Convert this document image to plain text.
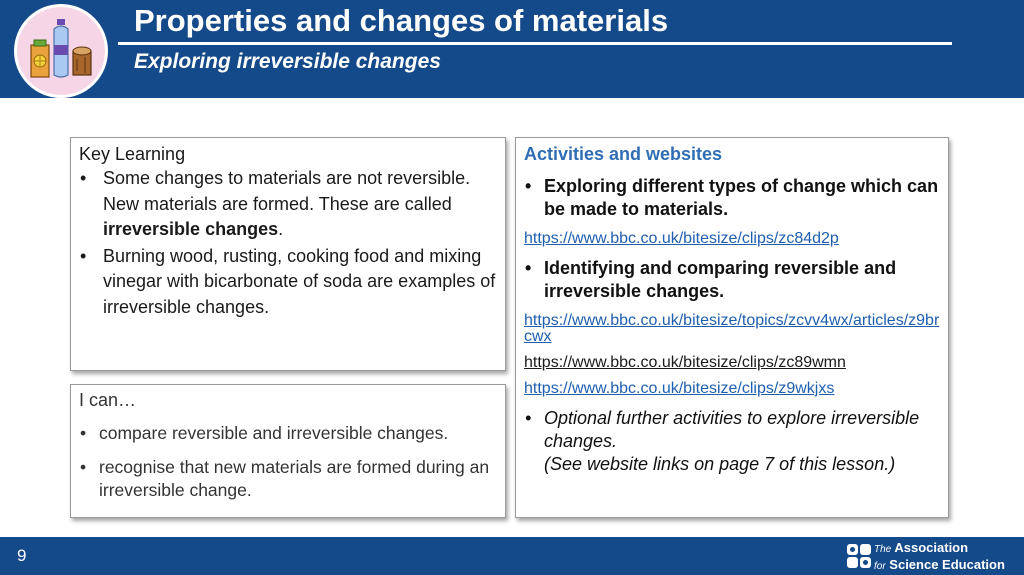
Properties and changes of materials
Exploring irreversible changes
Key Learning
• Some changes to materials are not reversible. New materials are formed. These are called irreversible changes.
• Burning wood, rusting, cooking food and mixing vinegar with bicarbonate of soda are examples of irreversible changes.
I can…
• compare reversible and irreversible changes.
• recognise that new materials are formed during an irreversible change.
Activities and websites
• Exploring different types of change which can be made to materials.
https://www.bbc.co.uk/bitesize/clips/zc84d2p
• Identifying and comparing reversible and irreversible changes.
https://www.bbc.co.uk/bitesize/topics/zcvv4wx/articles/z9brcwx
https://www.bbc.co.uk/bitesize/clips/zc89wmn
https://www.bbc.co.uk/bitesize/clips/z9wkjxs
• Optional further activities to explore irreversible changes.
(See website links on page 7 of this lesson.)
9	The Association
for Science Education
